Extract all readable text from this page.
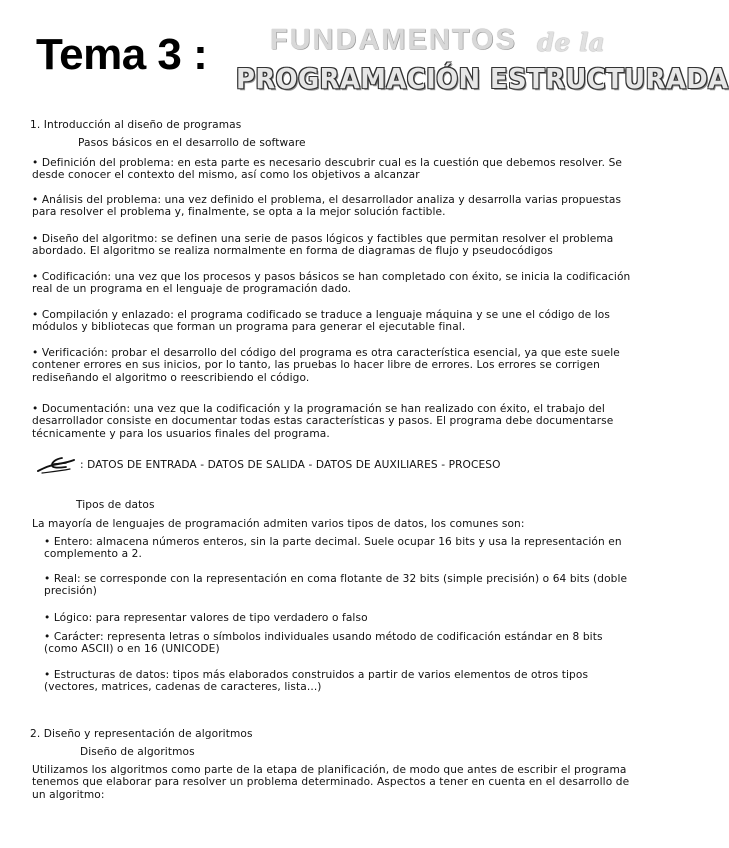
Tema 3 : FUNDAMENTOS de la
PROGRAMACIÓN ESTRUCTURADA
1. Introducción al diseño de programas
Pasos básicos en el desarrollo de software

• Definición del problema: en esta parte es necesario descubrir cual es la cuestión que debemos resolver. Se desde conocer el contexto del mismo, así como los objetivos a alcanzar

• Análisis del problema: una vez definido el problema, el desarrollador analiza y desarrolla varias propuestas para resolver el problema y, finalmente, se opta a la mejor solución factible.

• Diseño del algoritmo: se definen una serie de pasos lógicos y factibles que permitan resolver el problema abordado. El algoritmo se realiza normalmente en forma de diagramas de flujo y pseudocódigos

• Codificación: una vez que los procesos y pasos básicos se han completado con éxito, se inicia la codificación real de un programa en el lenguaje de programación dado.

• Compilación y enlazado: el programa codificado se traduce a lenguaje máquina y se une el código de los módulos y bibliotecas que forman un programa para generar el ejecutable final.

• Verificación: probar el desarrollo del código del programa es otra característica esencial, ya que este suele contener errores en sus inicios, por lo tanto, las pruebas lo hacer libre de errores. Los errores se corrigen rediseñando el algoritmo o reescribiendo el código.

• Documentación: una vez que la codificación y la programación se han realizado con éxito, el trabajo del desarrollador consiste en documentar todas estas características y pasos. El programa debe documentarse técnicamente y para los usuarios finales del programa.

: DATOS DE ENTRADA - DATOS DE SALIDA - DATOS DE AUXILIARES - PROCESO
Tipos de datos

La mayoría de lenguajes de programación admiten varios tipos de datos, los comunes son:

• Entero: almacena números enteros, sin la parte decimal. Suele ocupar 16 bits y usa la representación en complemento a 2.

• Real: se corresponde con la representación en coma flotante de 32 bits (simple precisión) o 64 bits (doble precisión)

• Lógico: para representar valores de tipo verdadero o falso

• Carácter: representa letras o símbolos individuales usando método de codificación estándar en 8 bits (como ASCII) o en 16 (UNICODE)

• Estructuras de datos: tipos más elaborados construidos a partir de varios elementos de otros tipos (vectores, matrices, cadenas de caracteres, lista...)

2. Diseño y representación de algoritmos
Diseño de algoritmos

Utilizamos los algoritmos como parte de la etapa de planificación, de modo que antes de escribir el programa tenemos que elaborar para resolver un problema determinado. Aspectos a tener en cuenta en el desarrollo de un algoritmo:
